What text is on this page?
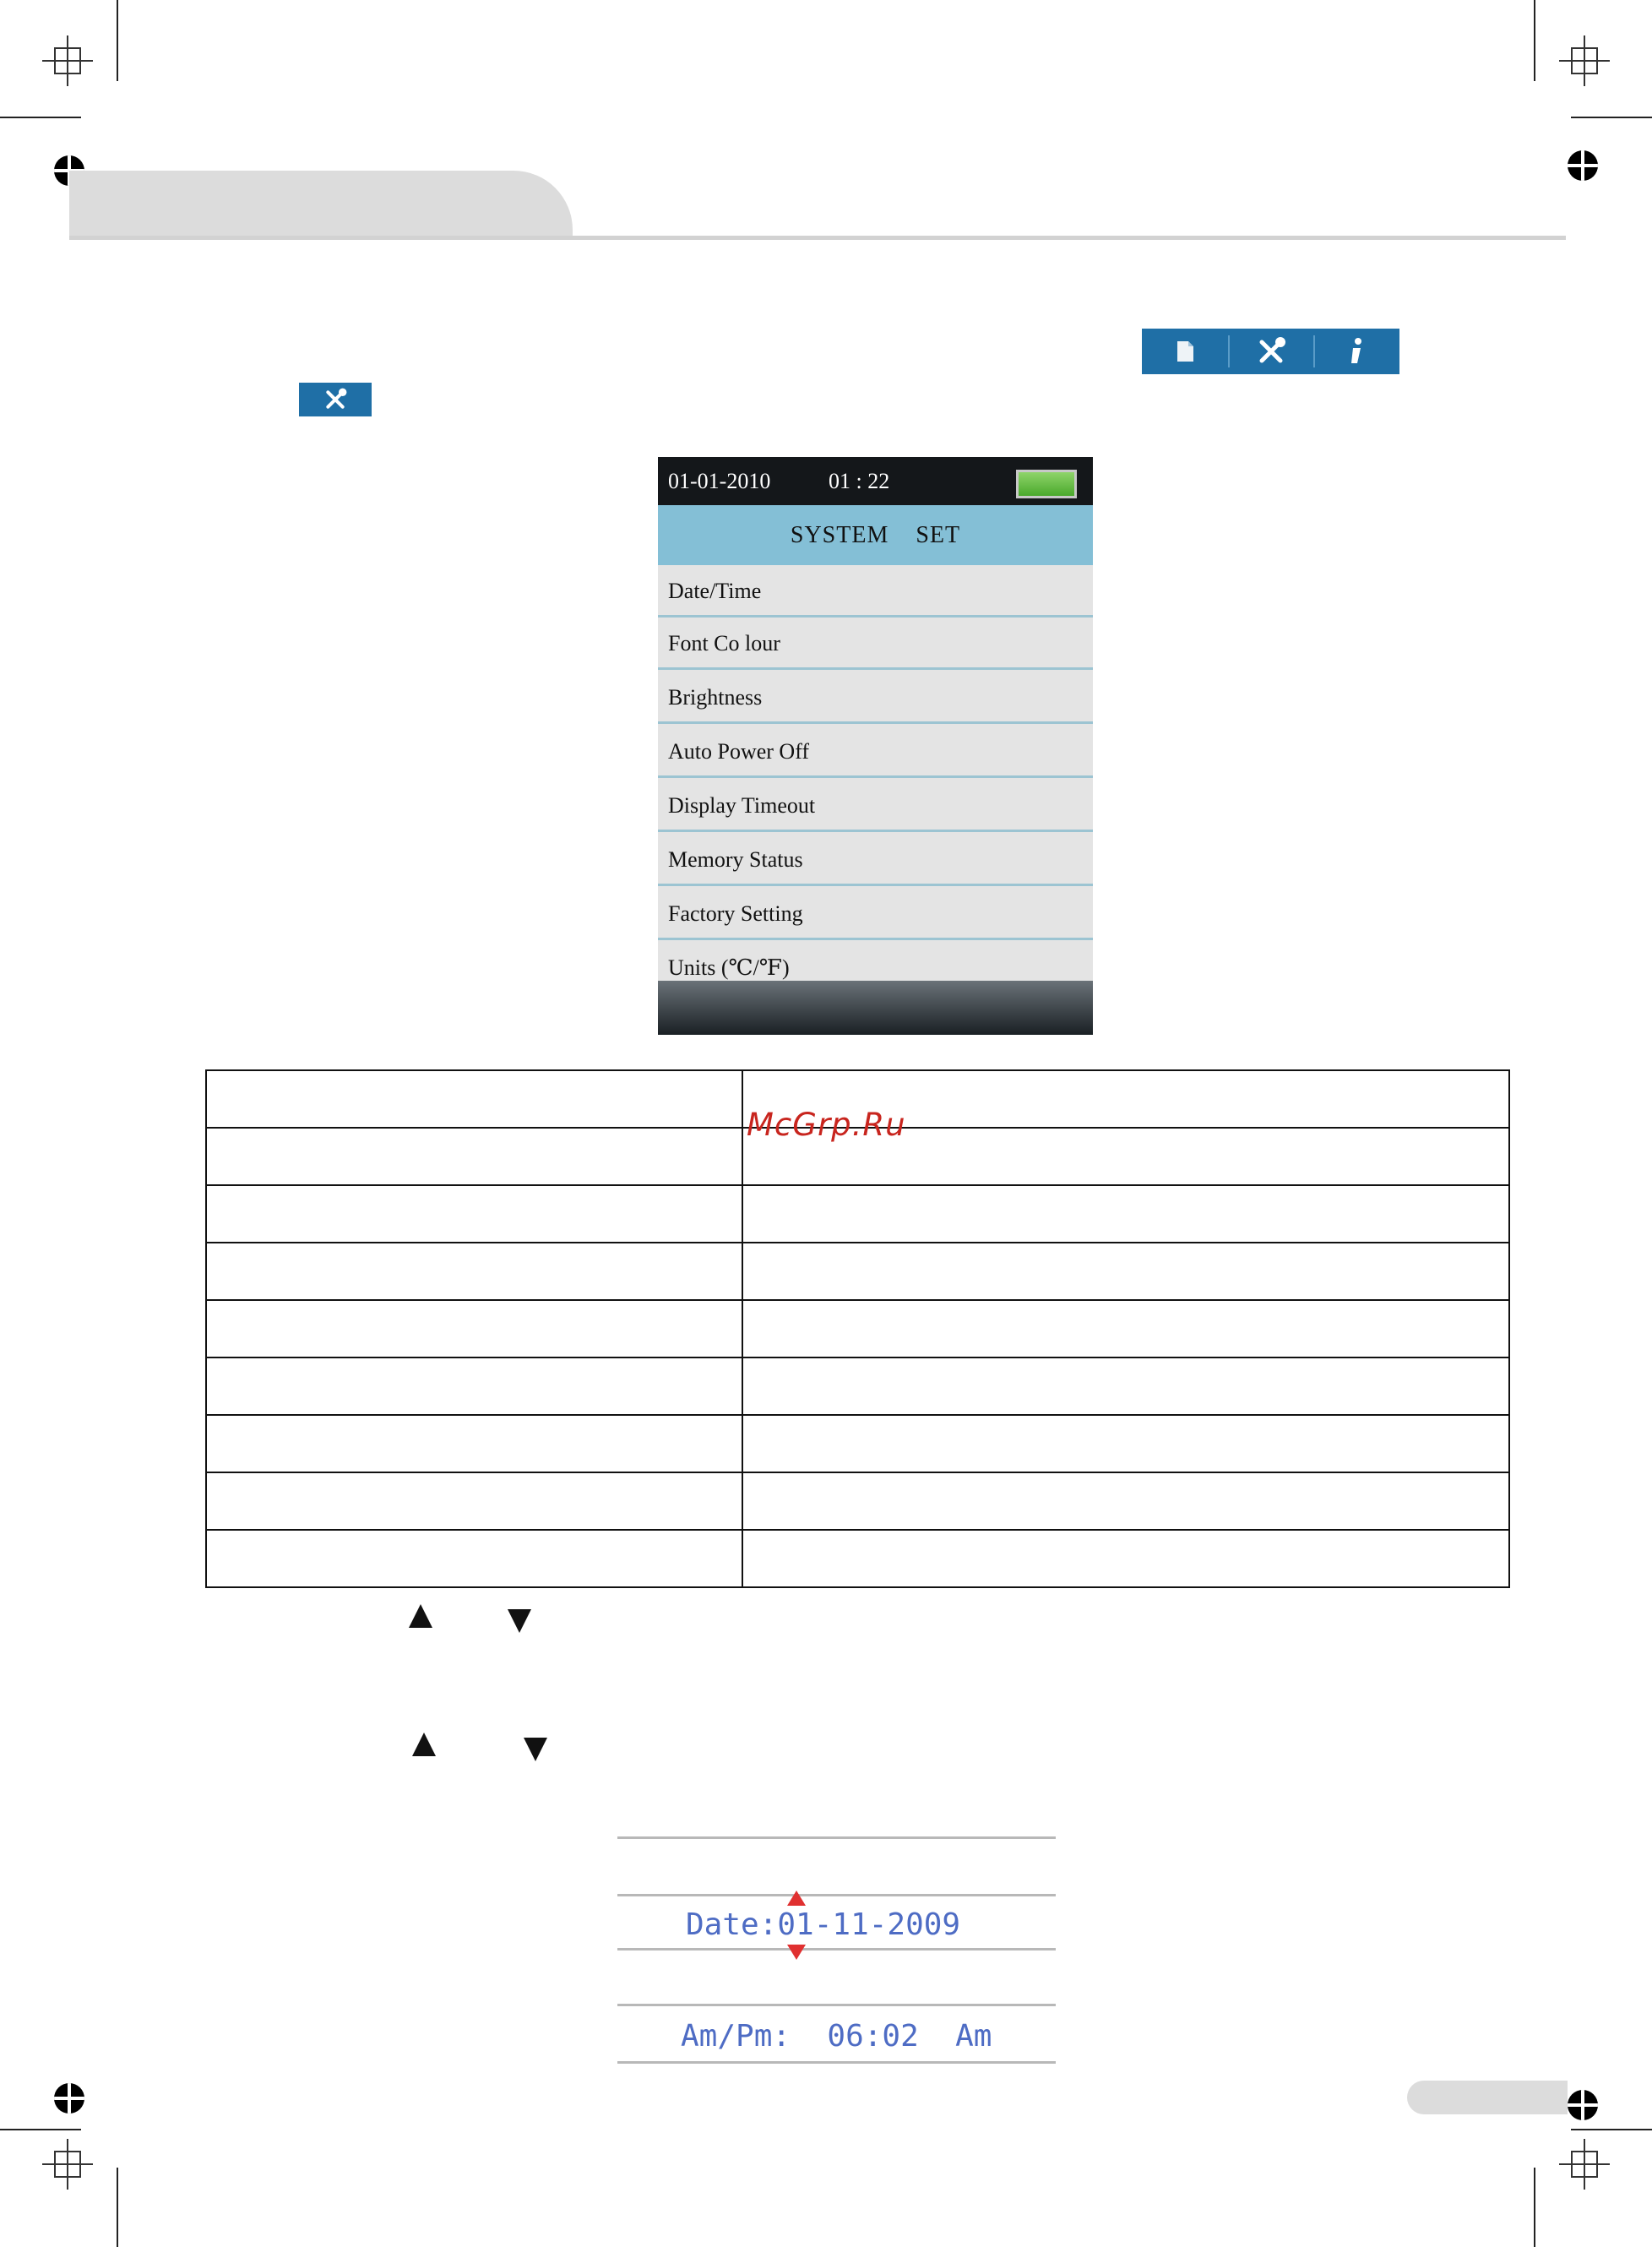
01-01-2010	01 : 22
SYSTEM    SET
Date/Time
Font Co lour
Brightness
Auto Power Off
Display Timeout
Memory Status
Factory Setting
Units (℃/℉)

McGrp.Ru
Date:01-11-2009
Am/Pm:  06:02  Am
